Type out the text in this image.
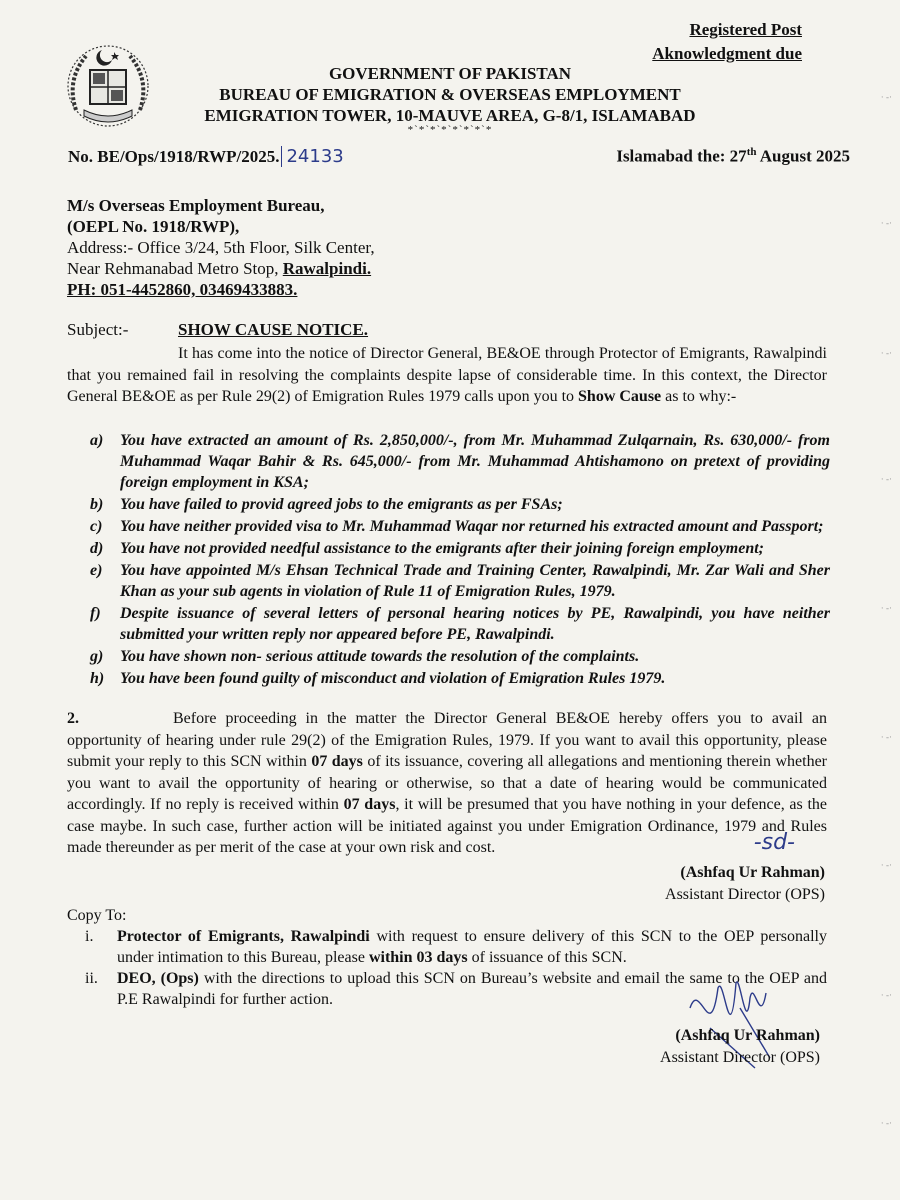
Registered Post
Aknowledgment due
GOVERNMENT OF PAKISTAN
BUREAU OF EMIGRATION & OVERSEAS EMPLOYMENT
EMIGRATION TOWER, 10-MAUVE AREA, G-8/1, ISLAMABAD
*`*`*`*`*`*`*`*
No. BE/Ops/1918/RWP/2025. 24133	Islamabad the: 27th August 2025
M/s Overseas Employment Bureau,
(OEPL No. 1918/RWP),
Address:- Office 3/24, 5th Floor, Silk Center,
Near Rehmanabad Metro Stop, Rawalpindi.
PH: 051-4452860, 03469433883.
Subject:-	SHOW CAUSE NOTICE.
It has come into the notice of Director General, BE&OE through Protector of Emigrants, Rawalpindi that you remained fail in resolving the complaints despite lapse of considerable time. In this context, the Director General BE&OE as per Rule 29(2) of Emigration Rules 1979 calls upon you to Show Cause as to why:-
a)	You have extracted an amount of Rs. 2,850,000/-, from Mr. Muhammad Zulqarnain, Rs. 630,000/- from Muhammad Waqar Bahir & Rs. 645,000/- from Mr. Muhammad Ahtishamono on pretext of providing foreign employment in KSA;
b)	You have failed to provid agreed jobs to the emigrants as per FSAs;
c)	You have neither provided visa to Mr. Muhammad Waqar nor returned his extracted amount and Passport;
d)	You have not provided needful assistance to the emigrants after their joining foreign employment;
e)	You have appointed M/s Ehsan Technical Trade and Training Center, Rawalpindi, Mr. Zar Wali and Sher Khan as your sub agents in violation of Rule 11 of Emigration Rules, 1979.
f)	Despite issuance of several letters of personal hearing notices by PE, Rawalpindi, you have neither submitted your written reply nor appeared before PE, Rawalpindi.
g)	You have shown non- serious attitude towards the resolution of the complaints.
h) You have been found guilty of misconduct and violation of Emigration Rules 1979.
2.	Before proceeding in the matter the Director General BE&OE hereby offers you to avail an opportunity of hearing under rule 29(2) of the Emigration Rules, 1979. If you want to avail this opportunity, please submit your reply to this SCN within 07 days of its issuance, covering all allegations and mentioning therein whether you want to avail the opportunity of hearing or otherwise, so that a date of hearing would be communicated accordingly. If no reply is received within 07 days, it will be presumed that you have nothing in your defence, as the case maybe. In such case, further action will be initiated against you under Emigration Ordinance, 1979 and Rules made thereunder as per merit of the case at your own risk and cost.	-sd-
(Ashfaq Ur Rahman)
Assistant Director (OPS)
Copy To:
i.	Protector of Emigrants, Rawalpindi with request to ensure delivery of this SCN to the OEP personally under intimation to this Bureau, please within 03 days of issuance of this SCN.
ii.	DEO, (Ops) with the directions to upload this SCN on Bureau’s website and email the same to the OEP and P.E Rawalpindi for further action.
(Ashfaq Ur Rahman)
Assistant Director (OPS)
· -·
· -·
· -·
· -·
· -·
· -·
· -·
· -·
· -·
